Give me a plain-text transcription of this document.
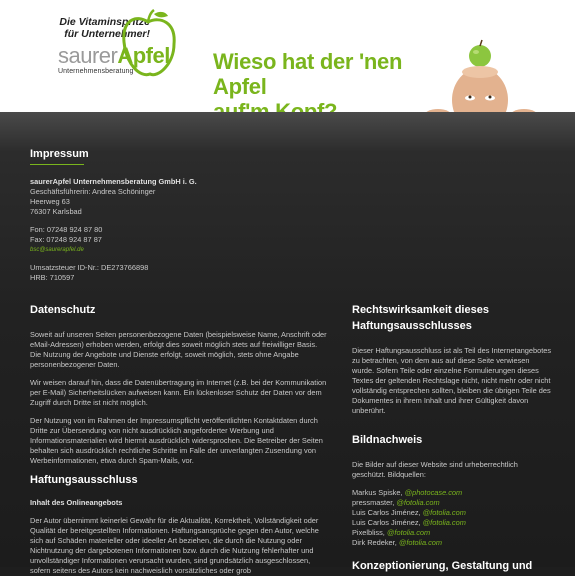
Die Vitaminspritze
für Unternehmer!
saurerApfel
Unternehmensberatung	Wieso hat der 'nen Apfel
Impressum
saurerApfel Unternehmensberatung GmbH i. G.
Geschäftsführerin: Andrea Schöninger
Heerweg 63
76307 Karlsbad
Fon: 07248 924 87 80
Fax: 07248 924 87 87
bsc@saurerapfel.de
Umsatzsteuer ID-Nr.: DE273766898
HRB: 710597
Datenschutz

Soweit auf unseren Seiten personenbezogene Daten (beispielsweise Name, Anschrift oder eMail-Adressen) erhoben werden, erfolgt dies soweit möglich stets auf freiwilliger Basis. Die Nutzung der Angebote und Dienste erfolgt, soweit möglich, stets ohne Angabe personenbezogener Daten.

Wir weisen darauf hin, dass die Datenübertragung im Internet (z.B. bei der Kommunikation per E-Mail) Sicherheitslücken aufweisen kann. Ein lückenloser Schutz der Daten vor dem Zugriff durch Dritte ist nicht möglich.

Der Nutzung von im Rahmen der Impressumspflicht veröffentlichten Kontaktdaten durch Dritte zur Übersendung von nicht ausdrücklich angeforderter Werbung und Informationsmaterialien wird hiermit ausdrücklich widersprochen. Die Betreiber der Seiten behalten sich ausdrücklich rechtliche Schritte im Falle der unverlangten Zusendung von Werbeinformationen, etwa durch Spam-Mails, vor.

Haftungsausschluss
Inhalt des Onlineangebots

Der Autor übernimmt keinerlei Gewähr für die Aktualität, Korrektheit, Vollständigkeit oder Qualität der bereitgestellten Informationen. Haftungsansprüche gegen den Autor, welche sich auf Schäden materieller oder ideeller Art beziehen, die durch die Nutzung oder Nichtnutzung der dargebotenen Informationen bzw. durch die Nutzung fehlerhafter und unvollständiger Informationen verursacht wurden, sind grundsätzlich ausgeschlossen, sofern seitens des Autors kein nachweislich vorsätzliches oder grob

Rechtswirksamkeit dieses
Haftungsausschlusses

Dieser Haftungsausschluss ist als Teil des Internetangebotes zu betrachten, von dem aus auf diese Seite verwiesen wurde. Sofern Teile oder einzelne Formulierungen dieses Textes der geltenden Rechtslage nicht, nicht mehr oder nicht vollständig entsprechen sollten, bleiben die übrigen Teile des Dokumentes in ihrem Inhalt und ihrer Gültigkeit davon unberührt.

Bildnachweis

Die Bilder auf dieser Website sind urheberrechtlich geschützt. Bildquellen:

Markus Spiske, @photocase.com
pressmaster, @fotolia.com
Luis Carlos Jiménez, @fotolia.com
Luis Carlos Jiménez, @fotolia.com
Pixelbliss, @fotolia.com
Dirk Redeker, @fotolia.com
Konzeptionierung, Gestaltung und
